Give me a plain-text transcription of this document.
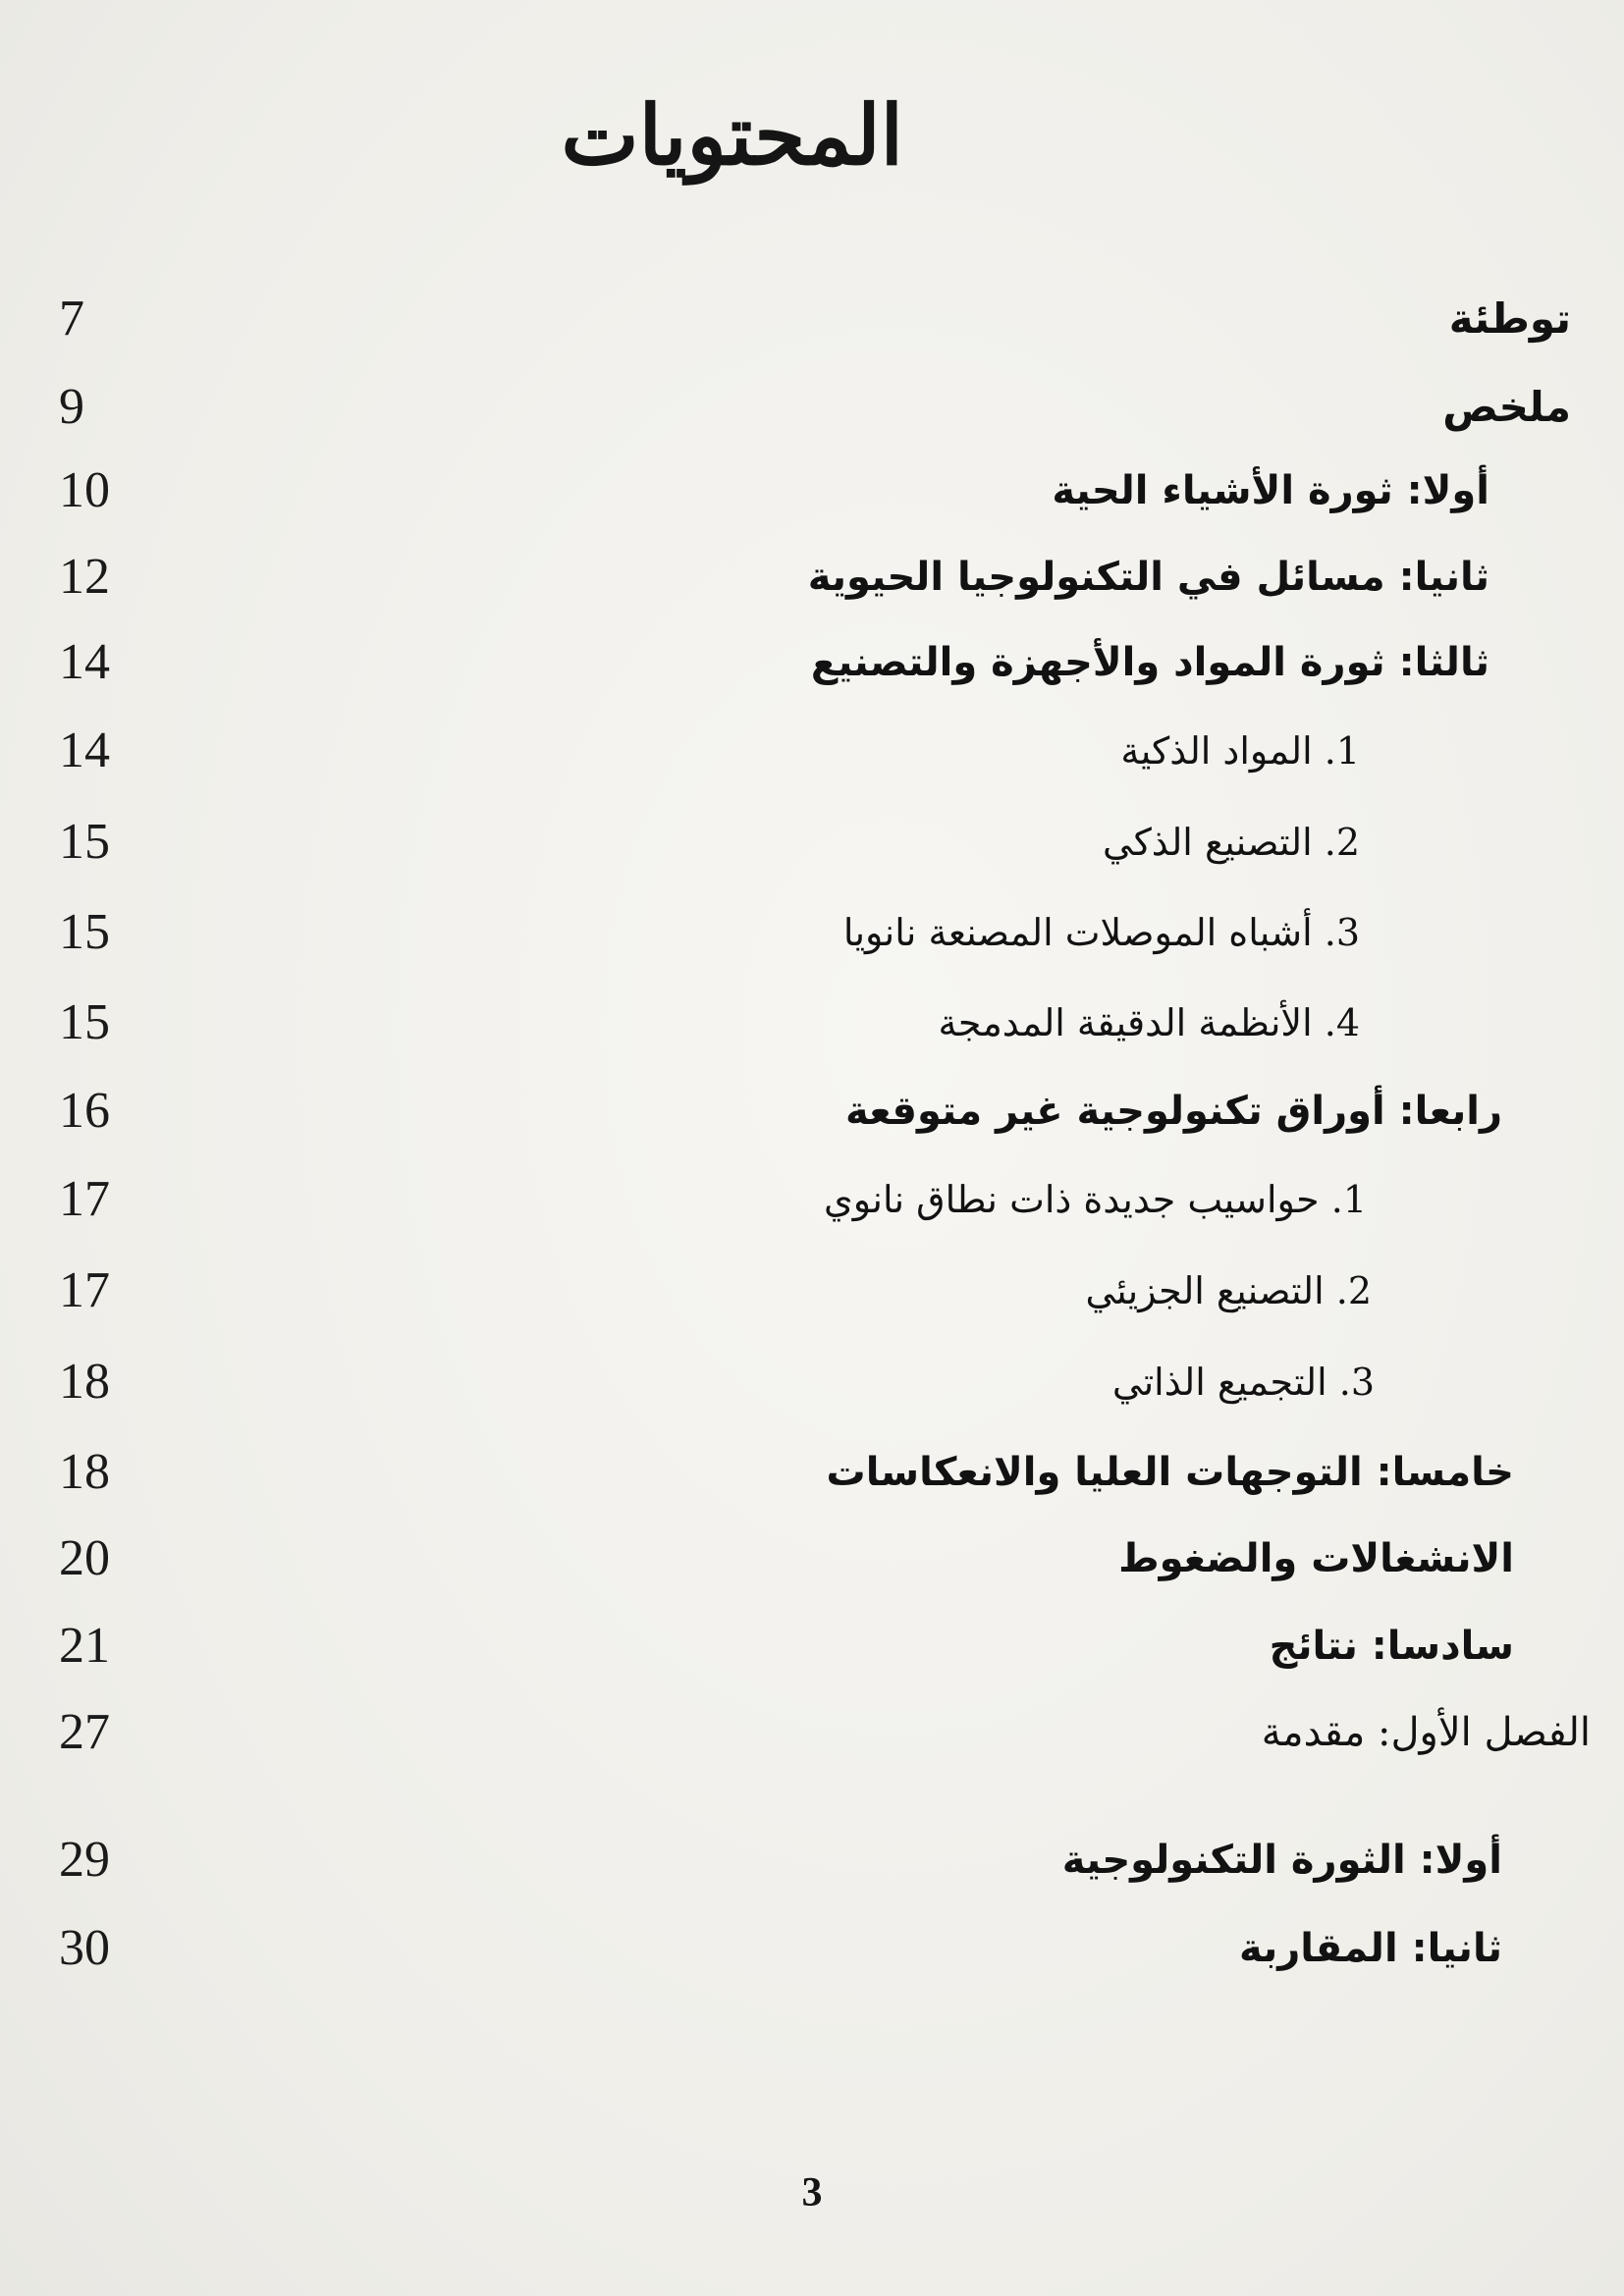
المحتويات
7	توطئة
9	ملخص
10	أولا: ثورة الأشياء الحية
12	ثانيا: مسائل في التكنولوجيا الحيوية
14	ثالثا: ثورة المواد والأجهزة والتصنيع
14	1. المواد الذكية
15	2. التصنيع الذكي
15	3. أشباه الموصلات المصنعة نانويا
15	4. الأنظمة الدقيقة المدمجة
16	رابعا: أوراق تكنولوجية غير متوقعة
17	1. حواسيب جديدة ذات نطاق نانوي
17	2. التصنيع الجزيئي
18	3. التجميع الذاتي
18	خامسا: التوجهات العليا والانعكاسات
20	الانشغالات والضغوط
21	سادسا: نتائج
27	الفصل الأول: مقدمة
29	أولا: الثورة التكنولوجية
30	ثانيا: المقاربة
3
